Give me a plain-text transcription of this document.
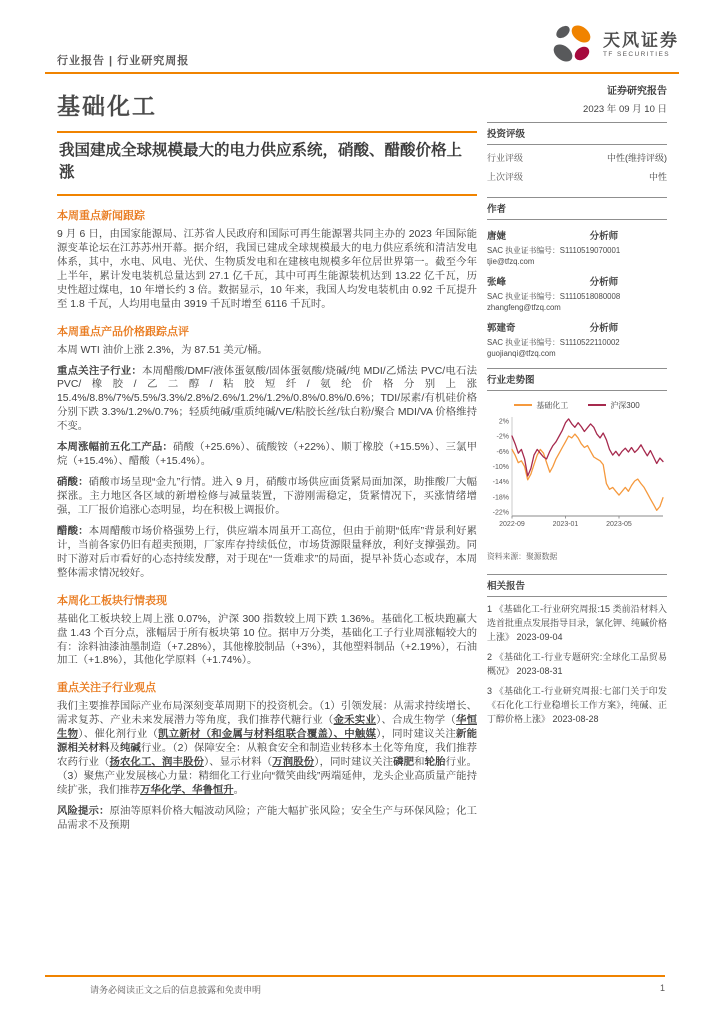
行业报告 | 行业研究周报
天风证券
TF SECURITIES
基础化工
我国建成全球规模最大的电力供应系统，硝酸、醋酸价格上涨
本周重点新闻跟踪

9 月 6 日，由国家能源局、江苏省人民政府和国际可再生能源署共同主办的 2023 年国际能源变革论坛在江苏苏州开幕。据介绍，我国已建成全球规模最大的电力供应系统和清洁发电体系，其中，水电、风电、光伏、生物质发电和在建核电规模多年位居世界第一。截至今年上半年，累计发电装机总量达到 27.1 亿千瓦，其中可再生能源装机达到 13.22 亿千瓦，历史性超过煤电，10 年增长约 3 倍。数据显示，10 年来，我国人均发电装机由 0.92 千瓦提升至 1.8 千瓦，人均用电量由 3919 千瓦时增至 6116 千瓦时。

本周重点产品价格跟踪点评

本周 WTI 油价上涨 2.3%，为 87.51 美元/桶。

重点关注子行业：本周醋酸/DMF/液体蛋氨酸/固体蛋氨酸/烧碱/纯 MDI/乙烯法 PVC/电石法 PVC/橡胶/乙二醇/粘胶短纤/氨纶价格分别上涨 15.4%/8.8%/7%/5.5%/3.3%/2.8%/2.6%/1.2%/1.2%/0.8%/0.8%/0.6%；TDI/尿素/有机硅价格分别下跌 3.3%/1.2%/0.7%；轻质纯碱/重质纯碱/VE/粘胶长丝/钛白粉/聚合 MDI/VA 价格维持不变。

本周涨幅前五化工产品：硝酸（+25.6%）、硫酸铵（+22%）、顺丁橡胶（+15.5%）、三氯甲烷（+15.4%）、醋酸（+15.4%）。

硝酸：硝酸市场呈现“金九”行情。进入 9 月，硝酸市场供应面货紧局面加深，助推酸厂大幅探涨。主力地区各区域的新增检修与减量装置，下游刚需稳定，货紧情况下，买涨情绪增强，工厂报价追涨心态明显，均在积极上调报价。

醋酸：本周醋酸市场价格强势上行，供应端本周虽开工高位，但由于前期“低库”背景利好累计，当前各家仍旧有超卖预期，厂家库存持续低位，市场货源限量释放，利好支撑强劲。同时下游对后市看好的心态持续发酵，对于现在“一货难求”的局面，提早补货心态或存，本周整体需求情况较好。

本周化工板块行情表现

基础化工板块较上周上涨 0.07%，沪深 300 指数较上周下跌 1.36%。基础化工板块跑赢大盘 1.43 个百分点，涨幅居于所有板块第 10 位。据申万分类，基础化工子行业周涨幅较大的有：涂料油漆油墨制造（+7.28%），其他橡胶制品（+3%），其他塑料制品（+2.19%），石油加工（+1.8%），其他化学原料（+1.74%）。

重点关注子行业观点

我们主要推荐国际产业布局深刻变革周期下的投资机会。（1）引领发展：从需求持续增长、需求复苏、产业未来发展潜力等角度，我们推荐代糖行业（金禾实业）、合成生物学（华恒生物）、催化剂行业（凯立新材（和金属与材料组联合覆盖）、中触媒），同时建议关注新能源相关材料及纯碱行业。（2）保障安全：从粮食安全和制造业转移本土化等角度，我们推荐农药行业（扬农化工、润丰股份）、显示材料（万润股份），同时建议关注磷肥和轮胎行业。（3）聚焦产业发展核心力量：精细化工行业向“微笑曲线”两端延伸，龙头企业高质量产能持续扩张，我们推荐万华化学、华鲁恒升。

风险提示：原油等原料价格大幅波动风险；产能大幅扩张风险；安全生产与环保风险；化工品需求不及预期

证券研究报告
2023 年 09 月 10 日
投资评级
行业评级	中性(维持评级)
上次评级	中性
作者
唐婕	分析师
SAC 执业证书编号：S1110519070001
tjie@tfzq.com
张峰	分析师
SAC 执业证书编号：S1110518080008
zhangfeng@tfzq.com
郭建奇	分析师
SAC 执业证书编号：S1110522110002
guojianqi@tfzq.com
行业走势图
基础化工	沪深300
2%
-2%
-6%
-10%
-14%
-18%
-22%
2022-09	2023-01	2023-05
资料来源：聚源数据
相关报告
1 《基础化工-行业研究周报:15 类前沿材料入选首批重点发展指导目录，氯化钾、纯碱价格上涨》 2023-09-04
2 《基础化工-行业专题研究:全球化工品贸易概况》 2023-08-31
3 《基础化工-行业研究周报:七部门关于印发《石化化工行业稳增长工作方案》，纯碱、正丁醇价格上涨》 2023-08-28
请务必阅读正文之后的信息披露和免责申明	1
